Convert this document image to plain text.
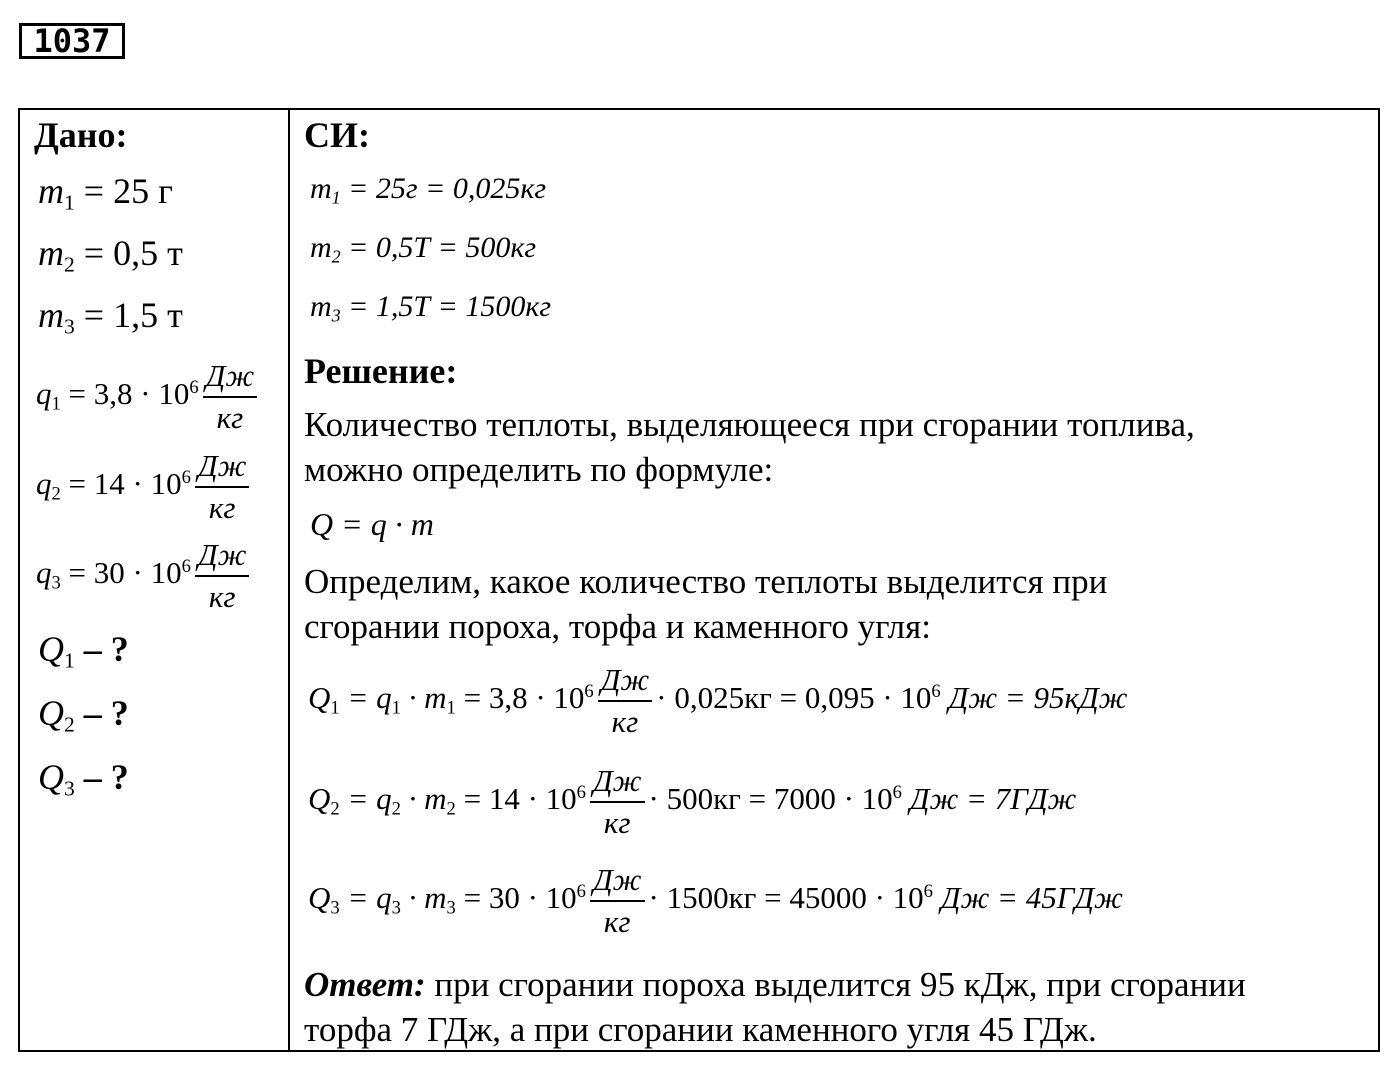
1037
Дано:
$m_1 = 25$ г
$m_2 = 0,5$ т
$m_3 = 1,5$ т
$q_1 = 3,8 \cdot 10^6 \frac{Дж}{кг}$
$q_2 = 14 \cdot 10^6 \frac{Дж}{кг}$
$q_3 = 30 \cdot 10^6 \frac{Дж}{кг}$
$Q_1$ – ?
$Q_2$ – ?
$Q_3$ – ?
СИ:
$m_1 = 25г = 0,025кг$
$m_2 = 0,5Т = 500кг$
$m_3 = 1,5Т = 1500кг$
Решение:
Количество теплоты, выделяющееся при сгорании топлива,
можно определить по формуле:
Q = q · m
Определим, какое количество теплоты выделится при
сгорании пороха, торфа и каменного угля:
$Q_1 = q_1 \cdot m_1 = 3,8 \cdot 10^6 \frac{Дж}{кг} \cdot 0,025кг = 0,095 \cdot 10^6$ Дж = 95кДж
$Q_2 = q_2 \cdot m_2 = 14 \cdot 10^6 \frac{Дж}{кг} \cdot 500кг = 7000 \cdot 10^6$ Дж = 7ГДж
$Q_3 = q_3 \cdot m_3 = 30 \cdot 10^6 \frac{Дж}{кг} \cdot 1500кг = 45000 \cdot 10^6$ Дж = 45ГДж
Ответ: при сгорании пороха выделится 95 кДж, при сгорании
торфа 7 ГДж, а при сгорании каменного угля 45 ГДж.
